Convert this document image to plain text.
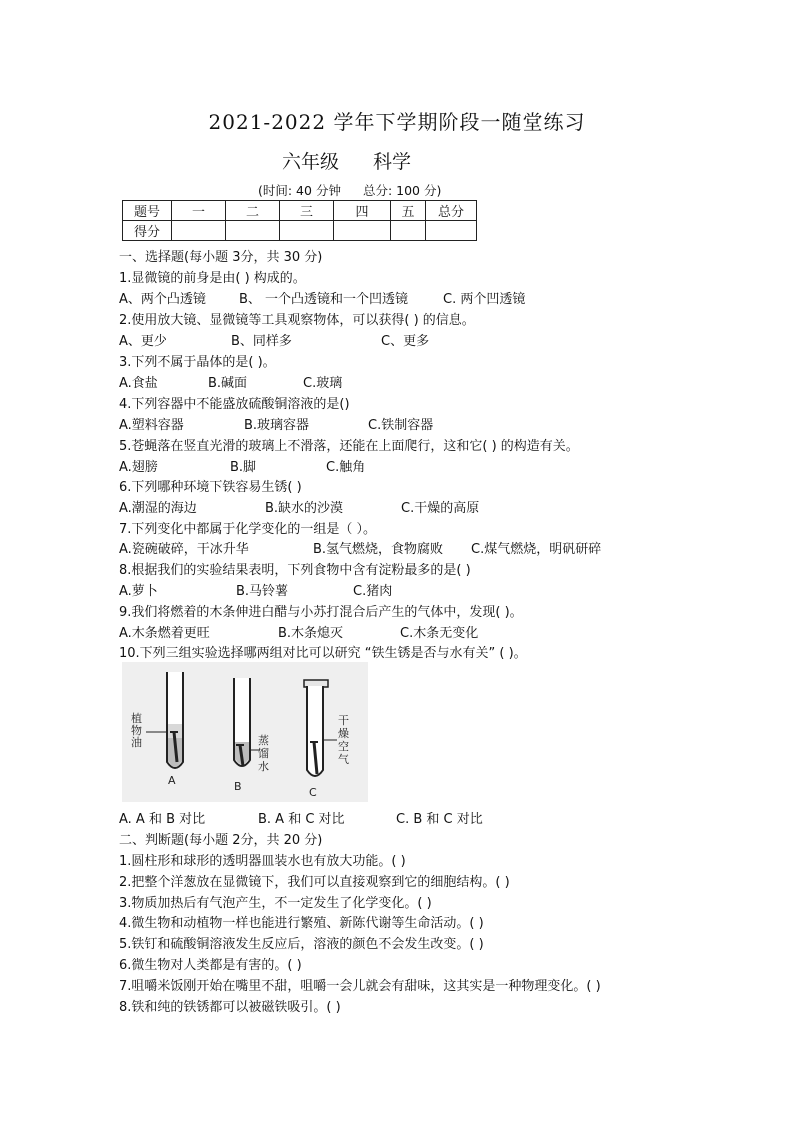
2021-2022 学年下学期阶段一随堂练习
六年级 科学
(时间: 40 分钟 总分: 100 分)
题号	一	二	三	四	五	总分
得分						
一、选择题(每小题 3分，共 30 分)
1.显微镜的前身是由( ) 构成的。
A、两个凸透镜	B、 一个凸透镜和一个凹透镜	C. 两个凹透镜
2.使用放大镜、显微镜等工具观察物体，可以获得( ) 的信息。
A、更少	B、同样多	C、更多
3.下列不属于晶体的是( )。
A.食盐	B.碱面	C.玻璃
4.下列容器中不能盛放硫酸铜溶液的是()
A.塑料容器	B.玻璃容器	C.铁制容器
5.苍蝇落在竖直光滑的玻璃上不滑落，还能在上面爬行，这和它( ) 的构造有关。
A.翅膀	B.脚	C.触角
6.下列哪种环境下铁容易生锈( )
A.潮湿的海边	B.缺水的沙漠	C.干燥的高原
7.下列变化中都属于化学变化的一组是（ ）。
A.瓷碗破碎，干冰升华	B.氢气燃烧，食物腐败 C.煤气燃烧，明矾研碎
8.根据我们的实验结果表明，下列食物中含有淀粉最多的是( )
A.萝卜	B.马铃薯	C.猪肉
9.我们将燃着的木条伸进白醋与小苏打混合后产生的气体中，发现( )。
A.木条燃着更旺	B.木条熄灭	C.木条无变化
10.下列三组实验选择哪两组对比可以研究 “铁生锈是否与水有关” ( )。
植
物
油	蒸
馏
水
干
燥
空
气
A	B	C
A. A 和 B 对比	B. A 和 C 对比	C. B 和 C 对比
二、判断题(每小题 2分，共 20 分)
1.圆柱形和球形的透明器皿装水也有放大功能。( )
2.把整个洋葱放在显微镜下，我们可以直接观察到它的细胞结构。( )
3.物质加热后有气泡产生，不一定发生了化学变化。( )
4.微生物和动植物一样也能进行繁殖、新陈代谢等生命活动。( )
5.铁钉和硫酸铜溶液发生反应后，溶液的颜色不会发生改变。( )
6.微生物对人类都是有害的。( )
7.咀嚼米饭刚开始在嘴里不甜，咀嚼一会儿就会有甜味，这其实是一种物理变化。( )
8.铁和纯的铁锈都可以被磁铁吸引。( )
